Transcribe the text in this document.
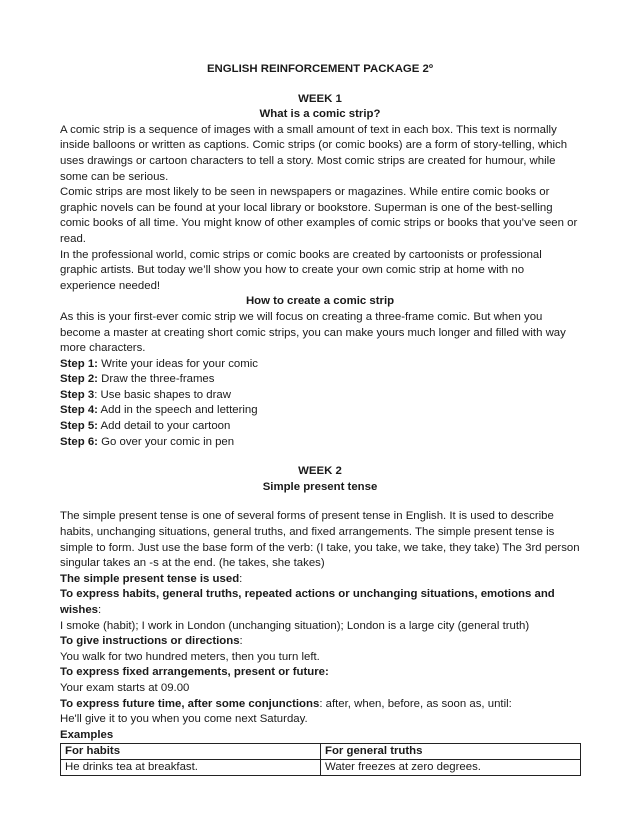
ENGLISH REINFORCEMENT PACKAGE 2º

WEEK 1

What is a comic strip?

A comic strip is a sequence of images with a small amount of text in each box. This text is normally inside balloons or written as captions. Comic strips (or comic books) are a form of story-telling, which uses drawings or cartoon characters to tell a story. Most comic strips are created for humour, while some can be serious.

Comic strips are most likely to be seen in newspapers or magazines. While entire comic books or graphic novels can be found at your local library or bookstore. Superman is one of the best-selling comic books of all time. You might know of other examples of comic strips or books that you’ve seen or read.

In the professional world, comic strips or comic books are created by cartoonists or professional graphic artists. But today we’ll show you how to create your own comic strip at home with no experience needed!

How to create a comic strip

As this is your first-ever comic strip we will focus on creating a three-frame comic. But when you become a master at creating short comic strips, you can make yours much longer and filled with way more characters.

Step 1: Write your ideas for your comic

Step 2: Draw the three-frames

Step 3: Use basic shapes to draw

Step 4: Add in the speech and lettering

Step 5: Add detail to your cartoon

Step 6: Go over your comic in pen

WEEK 2

Simple present tense

The simple present tense is one of several forms of present tense in English. It is used to describe habits, unchanging situations, general truths, and fixed arrangements. The simple present tense is simple to form. Just use the base form of the verb: (I take, you take, we take, they take) The 3rd person singular takes an -s at the end. (he takes, she takes)

The simple present tense is used:

To express habits, general truths, repeated actions or unchanging situations, emotions and wishes:

I smoke (habit); I work in London (unchanging situation); London is a large city (general truth)

To give instructions or directions:

You walk for two hundred meters, then you turn left.

To express fixed arrangements, present or future:

Your exam starts at 09.00

To express future time, after some conjunctions: after, when, before, as soon as, until:

He'll give it to you when you come next Saturday.

Examples

For habits	For general truths
He drinks tea at breakfast.	Water freezes at zero degrees.
